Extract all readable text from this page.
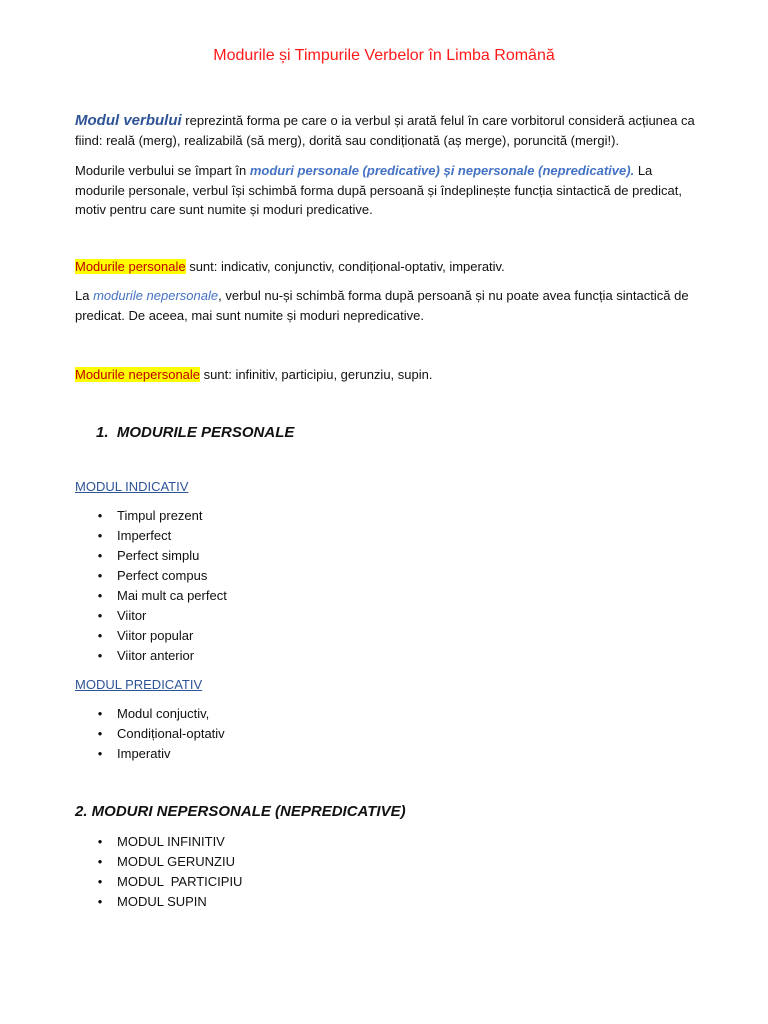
Modurile și Timpurile Verbelor în Limba Română
Modul verbului reprezintă forma pe care o ia verbul și arată felul în care vorbitorul consideră acțiunea ca fiind: reală (merg), realizabilă (să merg), dorită sau condiționată (aș merge), poruncită (mergi!).
Modurile verbului se împart în moduri personale (predicative) și nepersonale (nepredicative). La modurile personale, verbul își schimbă forma după persoană și îndeplinește funcția sintactică de predicat, motiv pentru care sunt numite și moduri predicative.
Modurile personale sunt: indicativ, conjunctiv, condițional-optativ, imperativ.
La modurile nepersonale, verbul nu-și schimbă forma după persoană și nu poate avea funcția sintactică de predicat. De aceea, mai sunt numite și moduri nepredicative.
Modurile nepersonale sunt: infinitiv, participiu, gerunziu, supin.
1. MODURILE PERSONALE
MODUL INDICATIV
• Timpul prezent
• Imperfect
• Perfect simplu
• Perfect compus
• Mai mult ca perfect
• Viitor
• Viitor popular
• Viitor anterior
MODUL PREDICATIV
• Modul conjuctiv,
• Condițional-optativ
• Imperativ
2. MODURI NEPERSONALE (NEPREDICATIVE)
• MODUL INFINITIV
• MODUL GERUNZIU
• MODUL  PARTICIPIU
• MODUL SUPIN
